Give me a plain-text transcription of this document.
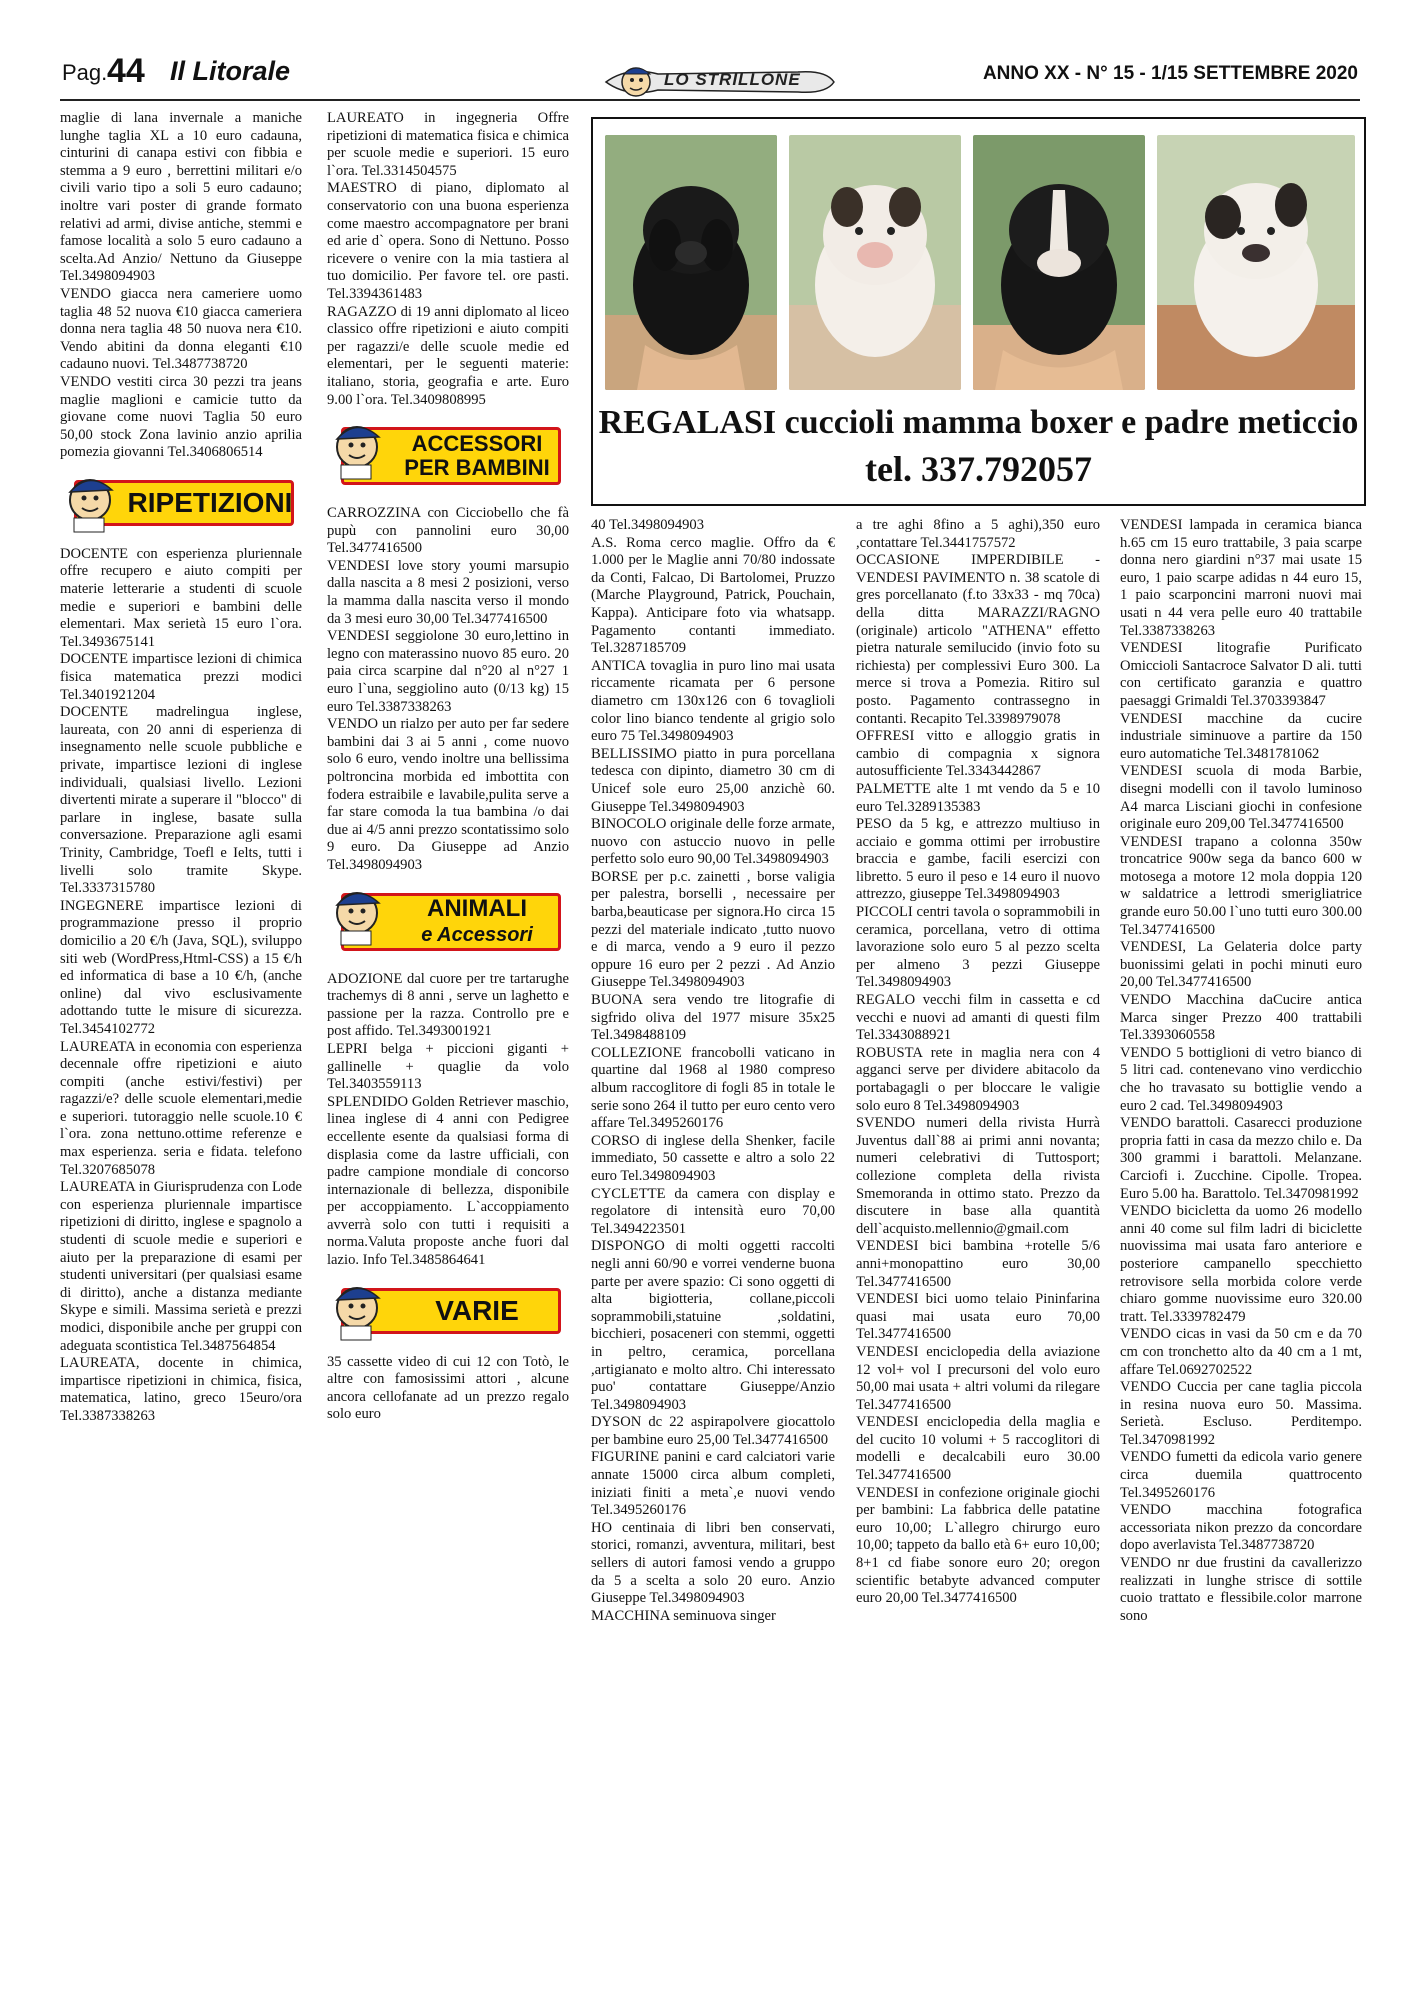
Pag. 44 Il Litorale	LO STRILLONE	ANNO XX - N° 15 - 1/15 SETTEMBRE 2020
REGALASI cuccioli mamma boxer e padre meticcio
tel. 337.792057

maglie di lana invernale a maniche lunghe taglia XL a 10 euro cadauna, cinturini di canapa estivi con fibbia e stemma a 9 euro , berrettini militari e/o civili vario tipo a soli 5 euro cadauno; inoltre vari poster di grande formato relativi ad armi, divise antiche, stemmi e famose località a solo 5 euro cadauno a scelta.Ad Anzio/ Nettuno da Giuseppe Tel.3498094903

VENDO giacca nera cameriere uomo taglia 48 52 nuova €10 giacca cameriera donna nera taglia 48 50 nuova nera €10. Vendo abitini da donna eleganti €10 cadauno nuovi. Tel.3487738720

VENDO vestiti circa 30 pezzi tra jeans maglie maglioni e camicie tutto da giovane come nuovi Taglia 50 euro 50,00 stock Zona lavinio anzio aprilia pomezia giovanni Tel.3406806514

RIPETIZIONI

DOCENTE con esperienza pluriennale offre recupero e aiuto compiti per materie letterarie a studenti di scuole medie e superiori e bambini delle elementari. Max serietà 15 euro l`ora. Tel.3493675141

DOCENTE impartisce lezioni di chimica fisica matematica prezzi modici Tel.3401921204

DOCENTE madrelingua inglese, laureata, con 20 anni di esperienza di insegnamento nelle scuole pubbliche e private, impartisce lezioni di inglese individuali, qualsiasi livello. Lezioni divertenti mirate a superare il "blocco" di parlare in inglese, basate sulla conversazione. Preparazione agli esami Trinity, Cambridge, Toefl e Ielts, tutti i livelli solo tramite Skype. Tel.3337315780

INGEGNERE impartisce lezioni di programmazione presso il proprio domicilio a 20 €/h (Java, SQL), sviluppo siti web (WordPress,Html-CSS) a 15 €/h ed informatica di base a 10 €/h, (anche online) dal vivo esclusivamente adottando tutte le misure di sicurezza. Tel.3454102772

LAUREATA in economia con esperienza decennale offre ripetizioni e aiuto compiti (anche estivi/festivi) per ragazzi/e? delle scuole elementari,medie e superiori. tutoraggio nelle scuole.10 € l`ora. zona nettuno.ottime referenze e max esperienza. seria e fidata. telefono Tel.3207685078

LAUREATA in Giurisprudenza con Lode con esperienza pluriennale impartisce ripetizioni di diritto, inglese e spagnolo a studenti di scuole medie e superiori e aiuto per la preparazione di esami per studenti universitari (per qualsiasi esame di diritto), anche a distanza mediante Skype e simili. Massima serietà e prezzi modici, disponibile anche per gruppi con adeguata scontistica Tel.3487564854

LAUREATA, docente in chimica, impartisce ripetizioni in chimica, fisica, matematica, latino, greco 15euro/ora Tel.3387338263

LAUREATO in ingegneria Offre ripetizioni di matematica fisica e chimica per scuole medie e superiori. 15 euro l`ora. Tel.3314504575

MAESTRO di piano, diplomato al conservatorio con una buona esperienza come maestro accompagnatore per brani ed arie d` opera. Sono di Nettuno. Posso ricevere o venire con la mia tastiera al tuo domicilio. Per favore tel. ore pasti. Tel.3394361483

RAGAZZO di 19 anni diplomato al liceo classico offre ripetizioni e aiuto compiti per ragazzi/e delle scuole medie ed elementari, per le seguenti materie: italiano, storia, geografia e arte. Euro 9.00 l`ora. Tel.3409808995

ACCESSORI
PER BAMBINI

CARROZZINA con Cicciobello che fà pupù con pannolini euro 30,00 Tel.3477416500

VENDESI love story youmi marsupio dalla nascita a 8 mesi 2 posizioni, verso la mamma dalla nascita verso il mondo da 3 mesi euro 30,00 Tel.3477416500

VENDESI seggiolone 30 euro,lettino in legno con materassino nuovo 85 euro. 20 paia circa scarpine dal n°20 al n°27 1 euro l`una, seggiolino auto (0/13 kg) 15 euro Tel.3387338263

VENDO un rialzo per auto per far sedere bambini dai 3 ai 5 anni , come nuovo solo 6 euro, vendo inoltre una bellissima poltroncina morbida ed imbottita con fodera estraibile e lavabile,pulita serve a far stare comoda la tua bambina /o dai due ai 4/5 anni prezzo scontatissimo solo 9 euro. Da Giuseppe ad Anzio Tel.3498094903

ANIMALI
e Accessori

ADOZIONE dal cuore per tre tartarughe trachemys di 8 anni , serve un laghetto e passione per la razza. Controllo pre e post affido. Tel.3493001921

LEPRI belga + piccioni giganti + gallinelle + quaglie da volo Tel.3403559113

SPLENDIDO Golden Retriever maschio, linea inglese di 4 anni con Pedigree eccellente esente da qualsiasi forma di displasia come da lastre ufficiali, con padre campione mondiale di concorso internazionale di bellezza, disponibile per accoppiamento. L`accoppiamento avverrà solo con tutti i requisiti a norma.Valuta proposte anche fuori dal lazio. Info Tel.3485864641

VARIE

35 cassette video di cui 12 con Totò, le altre con famosissimi attori , alcune ancora cellofanate ad un prezzo regalo solo euro

40 Tel.3498094903

A.S. Roma cerco maglie. Offro da € 1.000 per le Maglie anni 70/80 indossate da Conti, Falcao, Di Bartolomei, Pruzzo (Marche Playground, Patrick, Pouchain, Kappa). Anticipare foto via whatsapp. Pagamento contanti immediato. Tel.3287185709

ANTICA tovaglia in puro lino mai usata riccamente ricamata per 6 persone diametro cm 130x126 con 6 tovaglioli color lino bianco tendente al grigio solo euro 75 Tel.3498094903

BELLISSIMO piatto in pura porcellana tedesca con dipinto, diametro 30 cm di Unicef sole euro 25,00 anzichè 60. Giuseppe Tel.3498094903

BINOCOLO originale delle forze armate, nuovo con astuccio nuovo in pelle perfetto solo euro 90,00 Tel.3498094903

BORSE per p.c. zainetti , borse valigia per palestra, borselli , necessaire per barba,beauticase per signora.Ho circa 15 pezzi del materiale indicato ,tutto nuovo e di marca, vendo a 9 euro il pezzo oppure 16 euro per 2 pezzi . Ad Anzio Giuseppe Tel.3498094903

BUONA sera vendo tre litografie di sigfrido oliva del 1977 misure 35x25 Tel.3498488109

COLLEZIONE francobolli vaticano in quartine dal 1968 al 1980 compreso album raccoglitore di fogli 85 in totale le serie sono 264 il tutto per euro cento vero affare Tel.3495260176

CORSO di inglese della Shenker, facile immediato, 50 cassette e altro a solo 22 euro Tel.3498094903

CYCLETTE da camera con display e regolatore di intensità euro 70,00 Tel.3494223501

DISPONGO di molti oggetti raccolti negli anni 60/90 e vorrei venderne buona parte per avere spazio: Ci sono oggetti di alta bigiotteria, collane,piccoli soprammobili,statuine ,soldatini, bicchieri, posaceneri con stemmi, oggetti in peltro, ceramica, porcellana ,artigianato e molto altro. Chi interessato puo' contattare Giuseppe/Anzio Tel.3498094903

DYSON dc 22 aspirapolvere giocattolo per bambine euro 25,00 Tel.3477416500

FIGURINE panini e card calciatori varie annate 15000 circa album completi, iniziati finiti a meta`,e nuovi vendo Tel.3495260176

HO centinaia di libri ben conservati, storici, romanzi, avventura, militari, best sellers di autori famosi vendo a gruppo da 5 a scelta a solo 20 euro. Anzio Giuseppe Tel.3498094903

MACCHINA seminuova singer

a tre aghi 8fino a 5 aghi),350 euro ,contattare Tel.3441757572

OCCASIONE IMPERDIBILE - VENDESI PAVIMENTO n. 38 scatole di gres porcellanato (f.to 33x33 - mq 70ca) della ditta MARAZZI/RAGNO (originale) articolo "ATHENA" effetto pietra naturale semilucido (invio foto su richiesta) per complessivi Euro 300. La merce si trova a Pomezia. Ritiro sul posto. Pagamento contrassegno in contanti. Recapito Tel.3398979078

OFFRESI vitto e alloggio gratis in cambio di compagnia x signora autosufficiente Tel.3343442867

PALMETTE alte 1 mt vendo da 5 e 10 euro Tel.3289135383

PESO da 5 kg, e attrezzo multiuso in acciaio e gomma ottimi per irrobustire braccia e gambe, facili esercizi con libretto. 5 euro il peso e 14 euro il nuovo attrezzo, giuseppe Tel.3498094903

PICCOLI centri tavola o soprammobili in ceramica, porcellana, vetro di ottima lavorazione solo euro 5 al pezzo scelta per almeno 3 pezzi Giuseppe Tel.3498094903

REGALO vecchi film in cassetta e cd vecchi e nuovi ad amanti di questi film Tel.3343088921

ROBUSTA rete in maglia nera con 4 agganci serve per dividere abitacolo da portabagagli o per bloccare le valigie solo euro 8 Tel.3498094903

SVENDO numeri della rivista Hurrà Juventus dall`88 ai primi anni novanta; numeri celebrativi di Tuttosport; collezione completa della rivista Smemoranda in ottimo stato. Prezzo da discutere in base alla quantità dell`acquisto.mellennio@gmail.com

VENDESI bici bambina +rotelle 5/6 anni+monopattino euro 30,00 Tel.3477416500

VENDESI bici uomo telaio Pininfarina quasi mai usata euro 70,00 Tel.3477416500

VENDESI enciclopedia della aviazione 12 vol+ vol I precursoni del volo euro 50,00 mai usata + altri volumi da rilegare Tel.3477416500

VENDESI enciclopedia della maglia e del cucito 10 volumi + 5 raccoglitori di modelli e decalcabili euro 30.00 Tel.3477416500

VENDESI in confezione originale giochi per bambini: La fabbrica delle patatine euro 10,00; L`allegro chirurgo euro 10,00; tappeto da ballo età 6+ euro 10,00; 8+1 cd fiabe sonore euro 20; oregon scientific betabyte advanced computer euro 20,00 Tel.3477416500

VENDESI lampada in ceramica bianca h.65 cm 15 euro trattabile, 3 paia scarpe donna nero giardini n°37 mai usate 15 euro, 1 paio scarpe adidas n 44 euro 15, 1 paio scarponcini marroni nuovi mai usati n 44 vera pelle euro 40 trattabile Tel.3387338263

VENDESI litografie Purificato Omiccioli Santacroce Salvator D ali. tutti con certificato garanzia e quattro paesaggi Grimaldi Tel.3703393847

VENDESI macchine da cucire industriale siminuove a partire da 150 euro automatiche Tel.3481781062

VENDESI scuola di moda Barbie, disegni modelli con il tavolo luminoso A4 marca Lisciani giochi in confesione originale euro 209,00 Tel.3477416500

VENDESI trapano a colonna 350w troncatrice 900w sega da banco 600 w motosega a motore 12 mola doppia 120 w saldatrice a lettrodi smerigliatrice grande euro 50.00 l`uno tutti euro 300.00 Tel.3477416500

VENDESI, La Gelateria dolce party buonissimi gelati in pochi minuti euro 20,00 Tel.3477416500

VENDO Macchina daCucire antica Marca singer Prezzo 400 trattabili Tel.3393060558

VENDO 5 bottiglioni di vetro bianco di 5 litri cad. contenevano vino verdicchio che ho travasato su bottiglie vendo a euro 2 cad. Tel.3498094903

VENDO barattoli. Casarecci produzione propria fatti in casa da mezzo chilo e. Da 300 grammi i barattoli. Melanzane. Carciofi i. Zucchine. Cipolle. Tropea. Euro 5.00 ha. Barattolo. Tel.3470981992

VENDO bicicletta da uomo 26 modello anni 40 come sul film ladri di biciclette nuovissima mai usata faro anteriore e posteriore campanello specchietto retrovisore sella morbida colore verde chiaro gomme nuovissime euro 320.00 tratt. Tel.3339782479

VENDO cicas in vasi da 50 cm e da 70 cm con tronchetto alto da 40 cm a 1 mt, affare Tel.0692702522

VENDO Cuccia per cane taglia piccola in resina nuova euro 50. Massima. Serietà. Escluso. Perditempo. Tel.3470981992

VENDO fumetti da edicola vario genere circa duemila quattrocento Tel.3495260176

VENDO macchina fotografica accessoriata nikon prezzo da concordare dopo averlavista Tel.3487738720

VENDO nr due frustini da cavallerizzo realizzati in lunghe strisce di sottile cuoio trattato e flessibile.color marrone sono
